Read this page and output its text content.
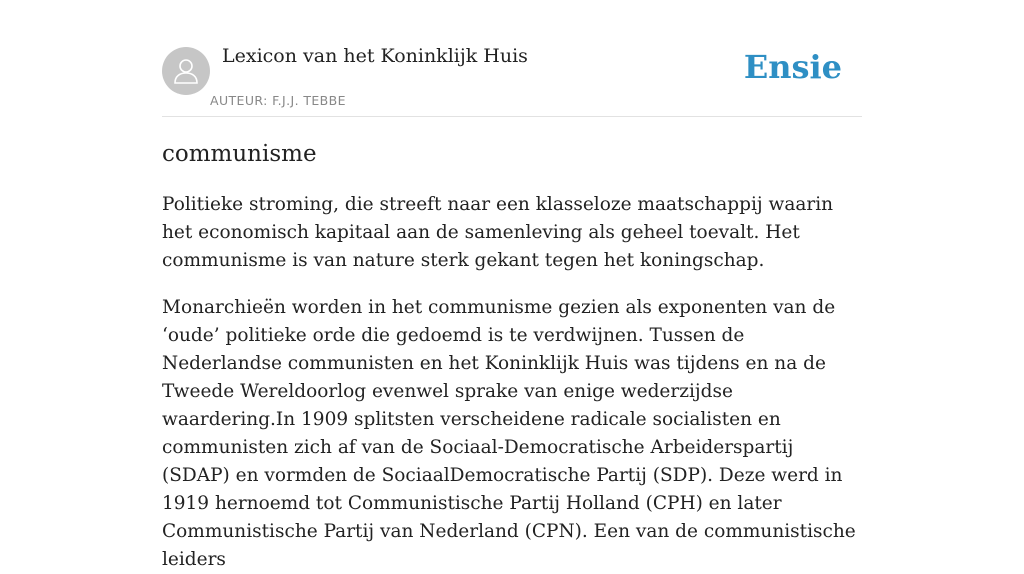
Lexicon van het Koninklijk Huis
AUTEUR: F.J.J. TEBBE
Ensie
communisme

Politieke stroming, die streeft naar een klasseloze maatschappij waarin het economisch kapitaal aan de samenleving als geheel toevalt. Het communisme is van nature sterk gekant tegen het koningschap.

Monarchieën worden in het communisme gezien als exponenten van de ‘oude’ politieke orde die gedoemd is te verdwijnen. Tussen de Nederlandse communisten en het Koninklijk Huis was tijdens en na de Tweede Wereldoorlog evenwel sprake van enige wederzijdse waardering.In 1909 splitsten verscheidene radicale socialisten en communisten zich af van de Sociaal-Democratische Arbeiderspartij (SDAP) en vormden de SociaalDemocratische Partij (SDP). Deze werd in 1919 hernoemd tot Communistische Partij Holland (CPH) en later Communistische Partij van Nederland (CPN). Een van de communistische leiders
